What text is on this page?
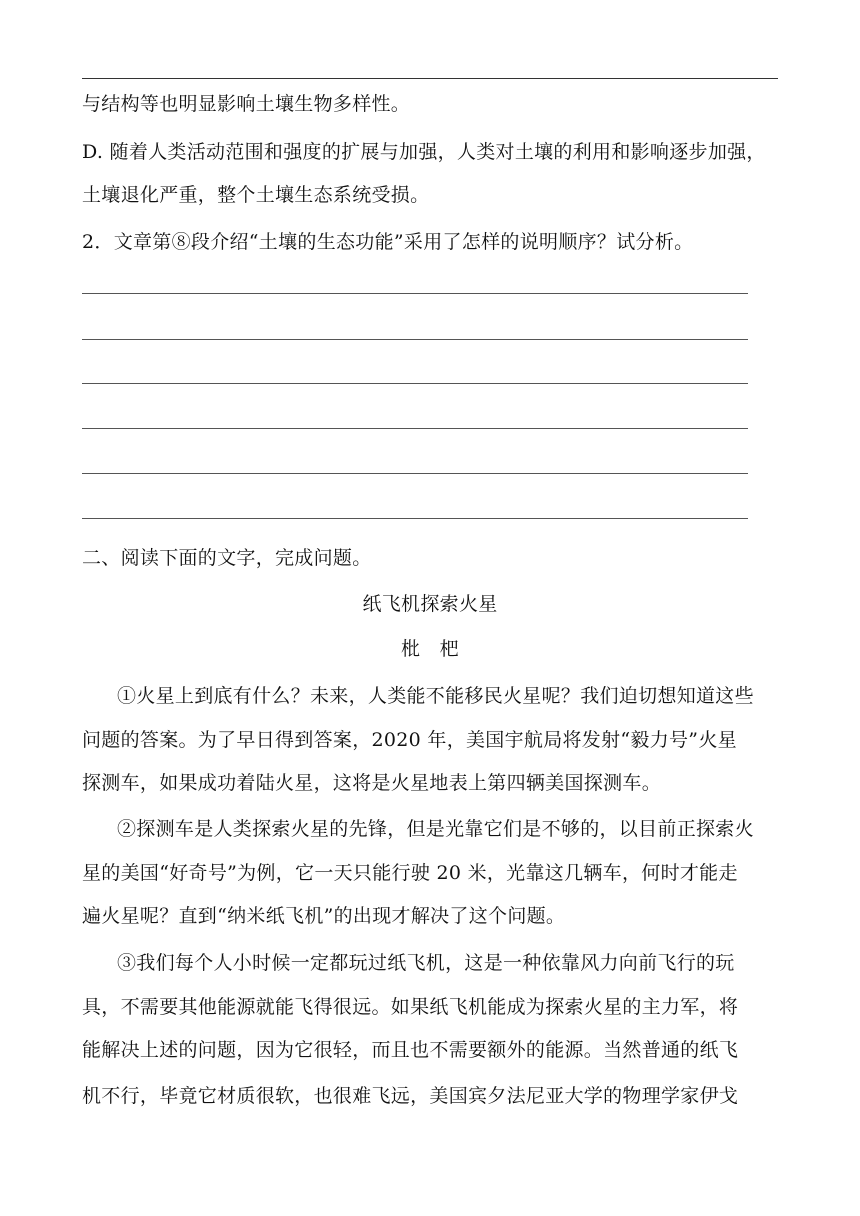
与结构等也明显影响土壤生物多样性。
D. 随着人类活动范围和强度的扩展与加强，人类对土壤的利用和影响逐步加强，
土壤退化严重，整个土壤生态系统受损。
2．文章第⑧段介绍“土壤的生态功能”采用了怎样的说明顺序？试分析。
二、阅读下面的文字，完成问题。
纸飞机探索火星
枇　杷
①火星上到底有什么？未来，人类能不能移民火星呢？我们迫切想知道这些
问题的答案。为了早日得到答案，2020 年，美国宇航局将发射“毅力号”火星
探测车，如果成功着陆火星，这将是火星地表上第四辆美国探测车。
②探测车是人类探索火星的先锋，但是光靠它们是不够的，以目前正探索火
星的美国“好奇号”为例，它一天只能行驶 20 米，光靠这几辆车，何时才能走
遍火星呢？直到“纳米纸飞机”的出现才解决了这个问题。
③我们每个人小时候一定都玩过纸飞机，这是一种依靠风力向前飞行的玩
具，不需要其他能源就能飞得很远。如果纸飞机能成为探索火星的主力军，将
能解决上述的问题，因为它很轻，而且也不需要额外的能源。当然普通的纸飞
机不行，毕竟它材质很软，也很难飞远，美国宾夕法尼亚大学的物理学家伊戈
